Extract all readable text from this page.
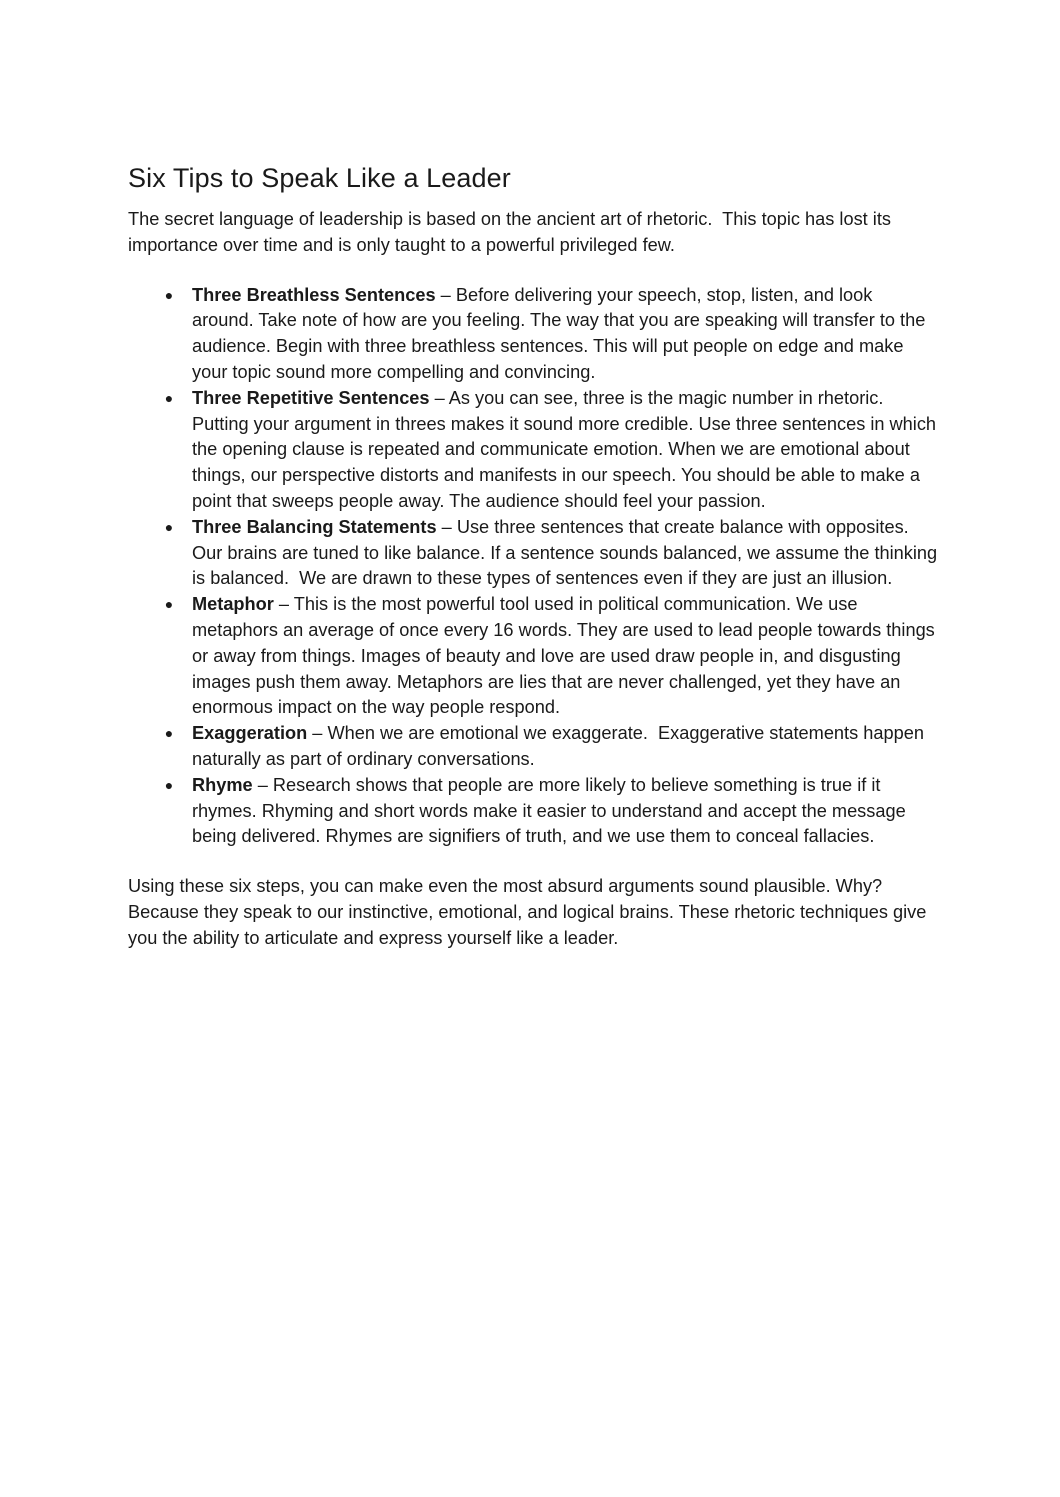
Six Tips to Speak Like a Leader

The secret language of leadership is based on the ancient art of rhetoric.  This topic has lost its importance over time and is only taught to a powerful privileged few.

● Three Breathless Sentences – Before delivering your speech, stop, listen, and look around. Take note of how are you feeling. The way that you are speaking will transfer to the audience. Begin with three breathless sentences. This will put people on edge and make your topic sound more compelling and convincing.
● Three Repetitive Sentences – As you can see, three is the magic number in rhetoric.  Putting your argument in threes makes it sound more credible. Use three sentences in which the opening clause is repeated and communicate emotion. When we are emotional about things, our perspective distorts and manifests in our speech. You should be able to make a point that sweeps people away. The audience should feel your passion.
● Three Balancing Statements – Use three sentences that create balance with opposites. Our brains are tuned to like balance. If a sentence sounds balanced, we assume the thinking is balanced.  We are drawn to these types of sentences even if they are just an illusion.
● Metaphor – This is the most powerful tool used in political communication. We use metaphors an average of once every 16 words. They are used to lead people towards things or away from things. Images of beauty and love are used draw people in, and disgusting images push them away. Metaphors are lies that are never challenged, yet they have an enormous impact on the way people respond.
● Exaggeration – When we are emotional we exaggerate.  Exaggerative statements happen naturally as part of ordinary conversations.
● Rhyme – Research shows that people are more likely to believe something is true if it rhymes. Rhyming and short words make it easier to understand and accept the message being delivered. Rhymes are signifiers of truth, and we use them to conceal fallacies.

Using these six steps, you can make even the most absurd arguments sound plausible. Why? Because they speak to our instinctive, emotional, and logical brains. These rhetoric techniques give you the ability to articulate and express yourself like a leader.
